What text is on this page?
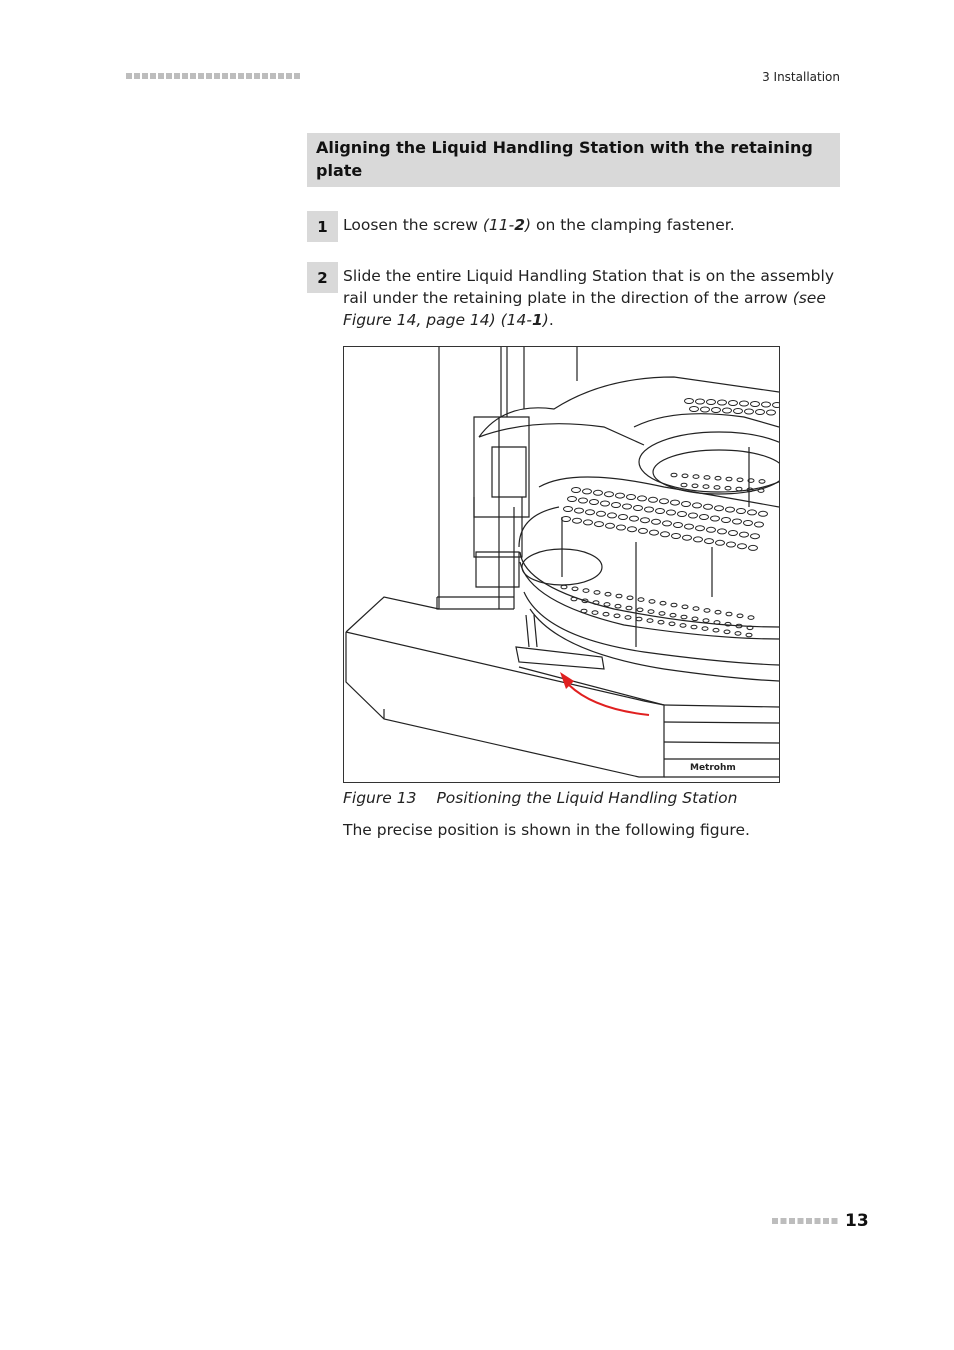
3 Installation
Aligning the Liquid Handling Station with the retaining plate
1 Loosen the screw (11-2) on the clamping fastener.
2 Slide the entire Liquid Handling Station that is on the assembly rail under the retaining plate in the direction of the arrow (see Figure 14, page 14) (14-1).
Metrohm
Figure 13 Positioning the Liquid Handling Station
The precise position is shown in the following figure.
13
